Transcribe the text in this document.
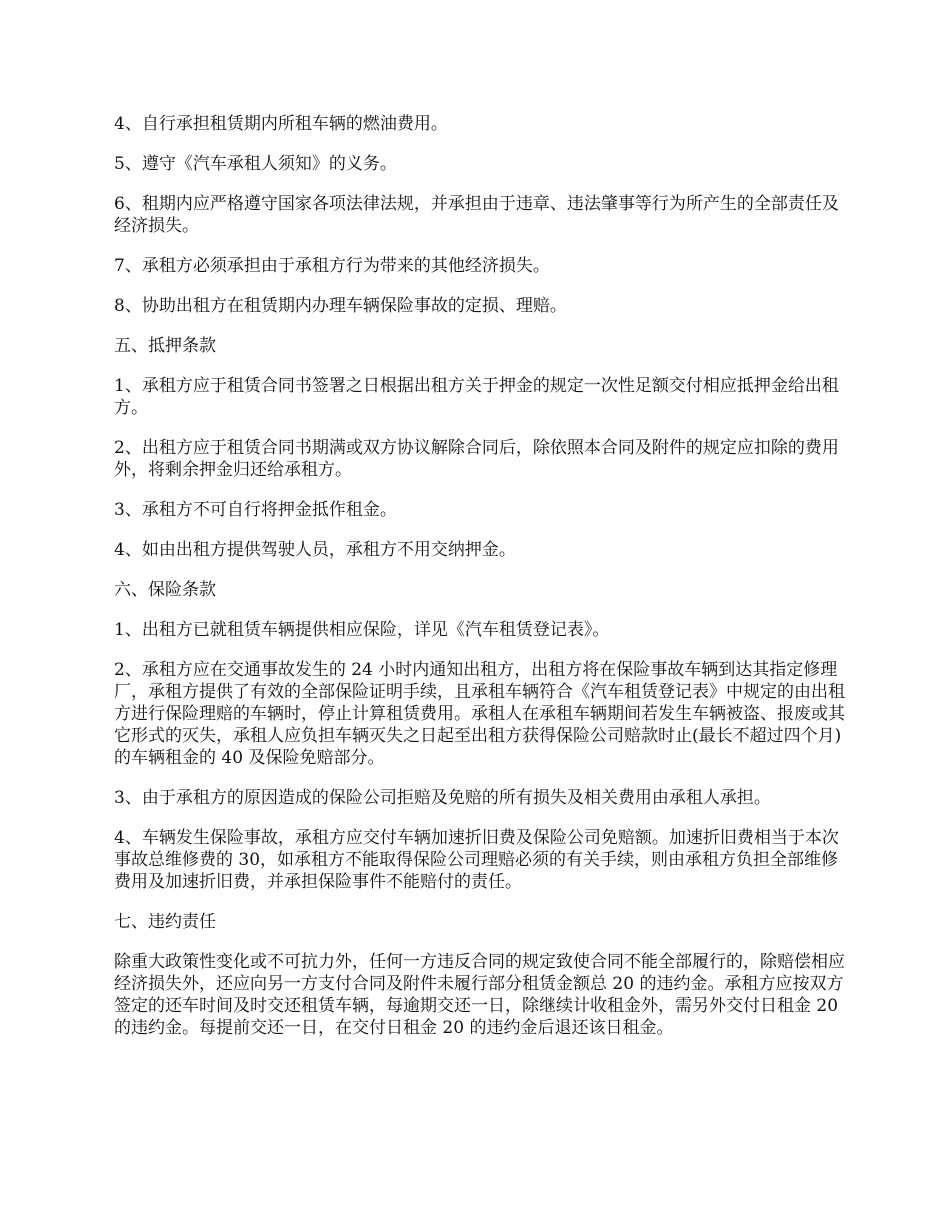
4、自行承担租赁期内所租车辆的燃油费用。

5、遵守《汽车承租人须知》的义务。

6、租期内应严格遵守国家各项法律法规，并承担由于违章、违法肇事等行为所产生的全部责任及经济损失。

7、承租方必须承担由于承租方行为带来的其他经济损失。

8、协助出租方在租赁期内办理车辆保险事故的定损、理赔。

五、抵押条款

1、承租方应于租赁合同书签署之日根据出租方关于押金的规定一次性足额交付相应抵押金给出租方。

2、出租方应于租赁合同书期满或双方协议解除合同后，除依照本合同及附件的规定应扣除的费用外，将剩余押金归还给承租方。

3、承租方不可自行将押金抵作租金。

4、如由出租方提供驾驶人员，承租方不用交纳押金。

六、保险条款

1、出租方已就租赁车辆提供相应保险，详见《汽车租赁登记表》。

2、承租方应在交通事故发生的 24 小时内通知出租方，出租方将在保险事故车辆到达其指定修理厂，承租方提供了有效的全部保险证明手续，且承租车辆符合《汽车租赁登记表》中规定的由出租方进行保险理赔的车辆时，停止计算租赁费用。承租人在承租车辆期间若发生车辆被盗、报废或其它形式的灭失，承租人应负担车辆灭失之日起至出租方获得保险公司赔款时止(最长不超过四个月)的车辆租金的 40 及保险免赔部分。

3、由于承租方的原因造成的保险公司拒赔及免赔的所有损失及相关费用由承租人承担。

4、车辆发生保险事故，承租方应交付车辆加速折旧费及保险公司免赔额。加速折旧费相当于本次事故总维修费的 30，如承租方不能取得保险公司理赔必须的有关手续，则由承租方负担全部维修费用及加速折旧费，并承担保险事件不能赔付的责任。

七、违约责任

除重大政策性变化或不可抗力外，任何一方违反合同的规定致使合同不能全部履行的，除赔偿相应经济损失外，还应向另一方支付合同及附件未履行部分租赁金额总 20 的违约金。承租方应按双方签定的还车时间及时交还租赁车辆，每逾期交还一日，除继续计收租金外，需另外交付日租金 20 的违约金。每提前交还一日，在交付日租金 20 的违约金后退还该日租金。
